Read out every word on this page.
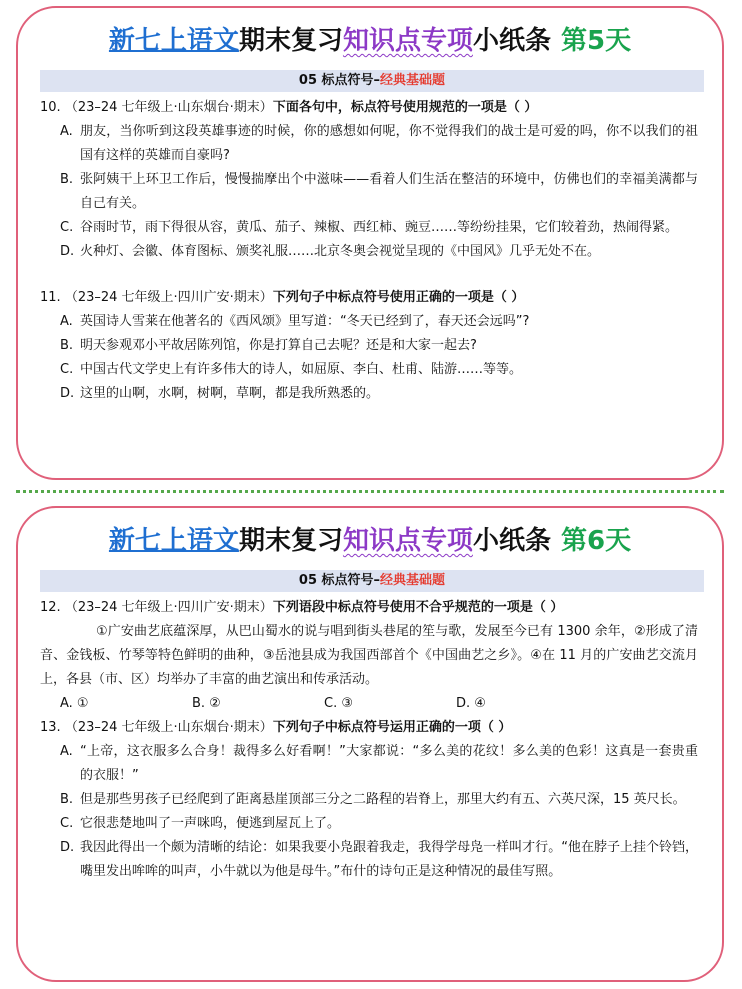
新七上语文期末复习知识点专项小纸条 第5天
05 标点符号–经典基础题
10. （23–24 七年级上·山东烟台·期末）下面各句中，标点符号使用规范的一项是（ ）
A. 朋友，当你听到这段英雄事迹的时候，你的感想如何呢，你不觉得我们的战士是可爱的吗，你不以我们的祖国有这样的英雄而自豪吗?
B. 张阿姨干上环卫工作后，慢慢揣摩出个中滋味——看着人们生活在整洁的环境中，仿佛也们的幸福美满都与自己有关。
C. 谷雨时节，雨下得很从容，黄瓜、茄子、辣椒、西红柿、豌豆……等纷纷挂果，它们较着劲，热闹得紧。
D. 火种灯、会徽、体育图标、颁奖礼服……北京冬奥会视觉呈现的《中国风》几乎无处不在。
11. （23–24 七年级上·四川广安·期末）下列句子中标点符号使用正确的一项是（ ）
A. 英国诗人雪莱在他著名的《西风颂》里写道：“冬天已经到了，春天还会远吗”?
B. 明天参观邓小平故居陈列馆，你是打算自己去呢？还是和大家一起去?
C. 中国古代文学史上有许多伟大的诗人，如屈原、李白、杜甫、陆游……等等。
D. 这里的山啊，水啊，树啊，草啊，都是我所熟悉的。
新七上语文期末复习知识点专项小纸条 第6天
05 标点符号–经典基础题
12. （23–24 七年级上·四川广安·期末）下列语段中标点符号使用不合乎规范的一项是（ ）
①广安曲艺底蕴深厚，从巴山蜀水的说与唱到街头巷尾的笙与歌，发展至今已有 1300 余年，②形成了清音、金钱板、竹琴等特色鲜明的曲种，③岳池县成为我国西部首个《中国曲艺之乡》。④在 11 月的广安曲艺交流月上，各县（市、区）均举办了丰富的曲艺演出和传承活动。
A. ①	B. ②	C. ③	D. ④
13. （23–24 七年级上·山东烟台·期末）下列句子中标点符号运用正确的一项（ ）
A. “上帝，这衣服多么合身！裁得多么好看啊！”大家都说：“多么美的花纹！多么美的色彩！这真是一套贵重的衣服！”
B. 但是那些男孩子已经爬到了距离悬崖顶部三分之二路程的岩脊上，那里大约有五、六英尺深，15 英尺长。
C. 它很悲楚地叫了一声咪呜，便逃到屋瓦上了。
D. 我因此得出一个颇为清晰的结论：如果我要小凫跟着我走，我得学母凫一样叫才行。“他在脖子上挂个铃铛，嘴里发出哞哞的叫声，小牛就以为他是母牛。”布什的诗句正是这种情况的最佳写照。
